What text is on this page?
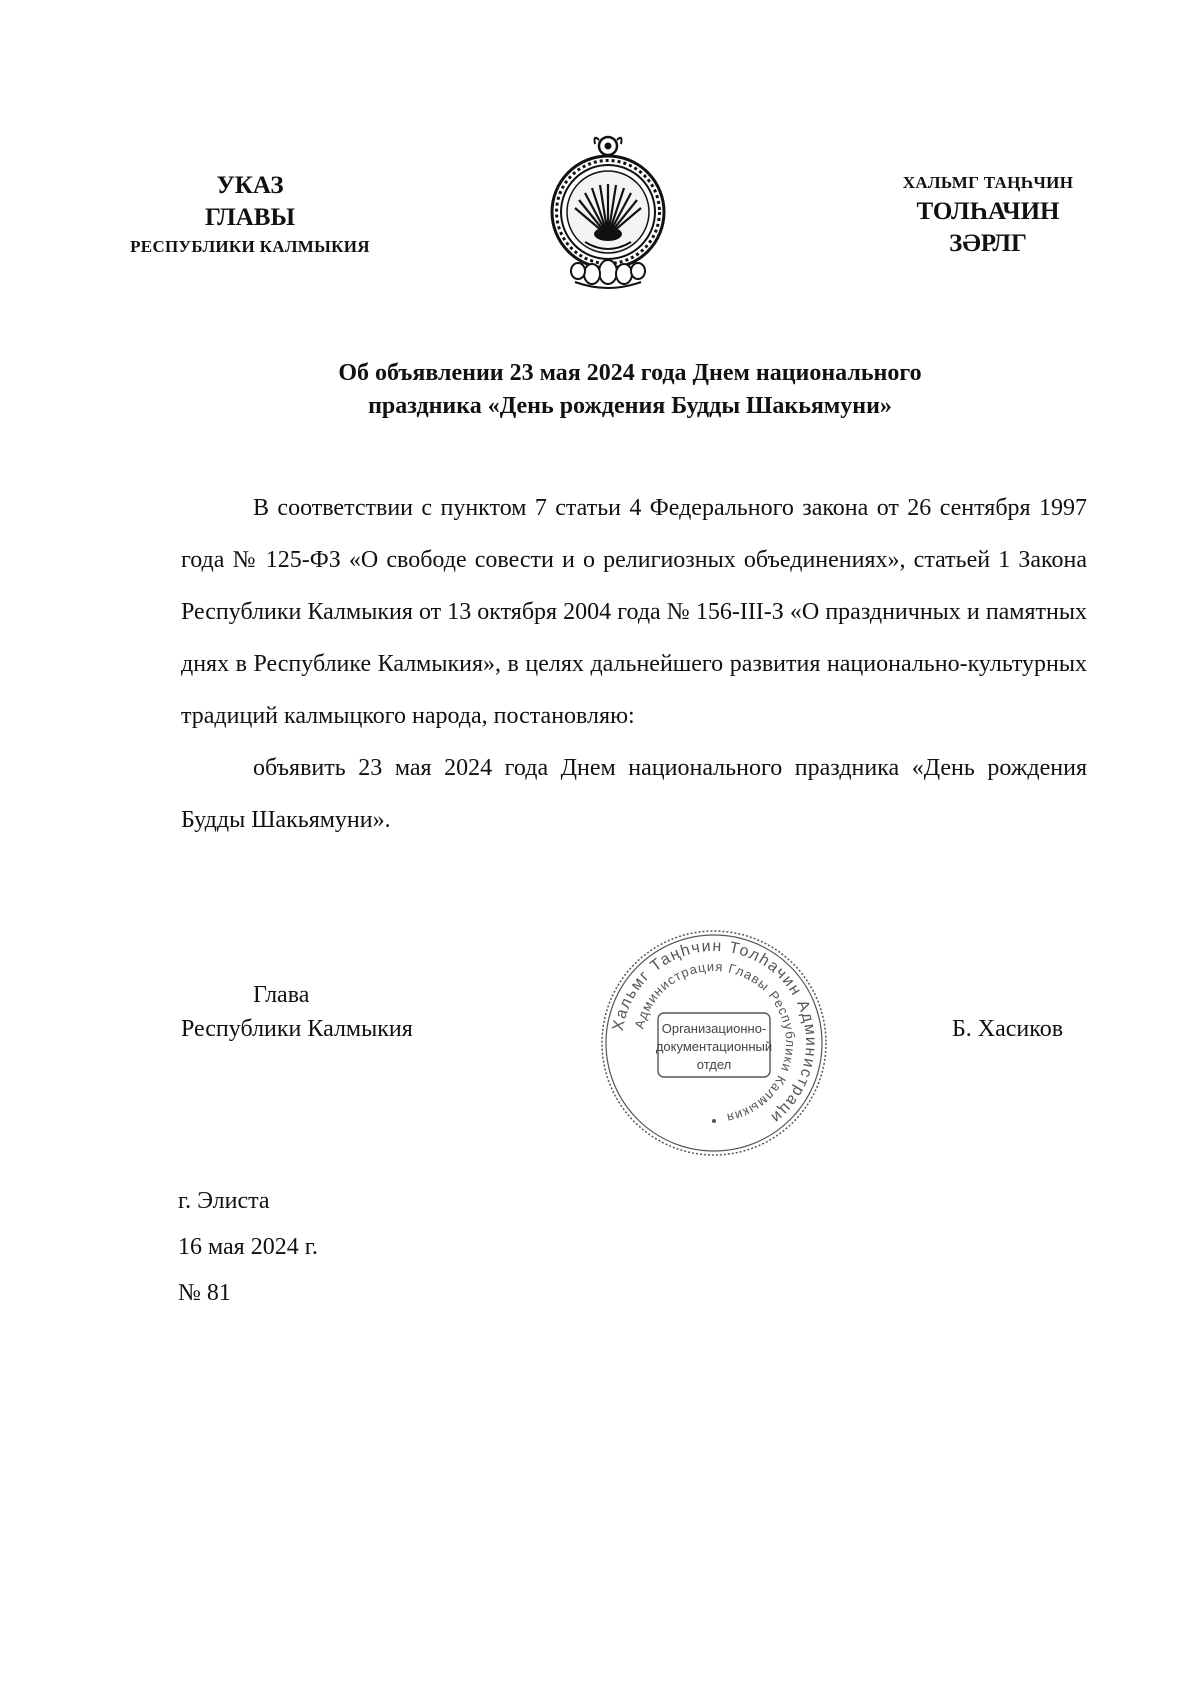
УКАЗ
ГЛАВЫ
РЕСПУБЛИКИ КАЛМЫКИЯ
ХАЛЬМГ ТАҢҺЧИН
ТОЛҺАЧИН
ЗӘРЛГ
Об объявлении 23 мая 2024 года Днем национального
праздника «День рождения Будды Шакьямуни»

В соответствии с пунктом 7 статьи 4 Федерального закона от 26 сентября 1997 года № 125-ФЗ «О свободе совести и о религиозных объединениях», статьей 1 Закона Республики Калмыкия от 13 октября 2004 года № 156-III-З «О праздничных и памятных днях в Республике Калмыкия», в целях дальнейшего развития национально-культурных традиций калмыцкого народа, постановляю:

объявить 23 мая 2024 года Днем национального праздника «День рождения Будды Шакьямуни».

Глава
Республики Калмыкия	Хальмг Таңһчин Толһачин Администраци
Администрация Главы Республики Калмыкия
Организационно-
документационный
отдел
Б. Хасиков
г. Элиста
16 мая 2024 г.
№ 81
